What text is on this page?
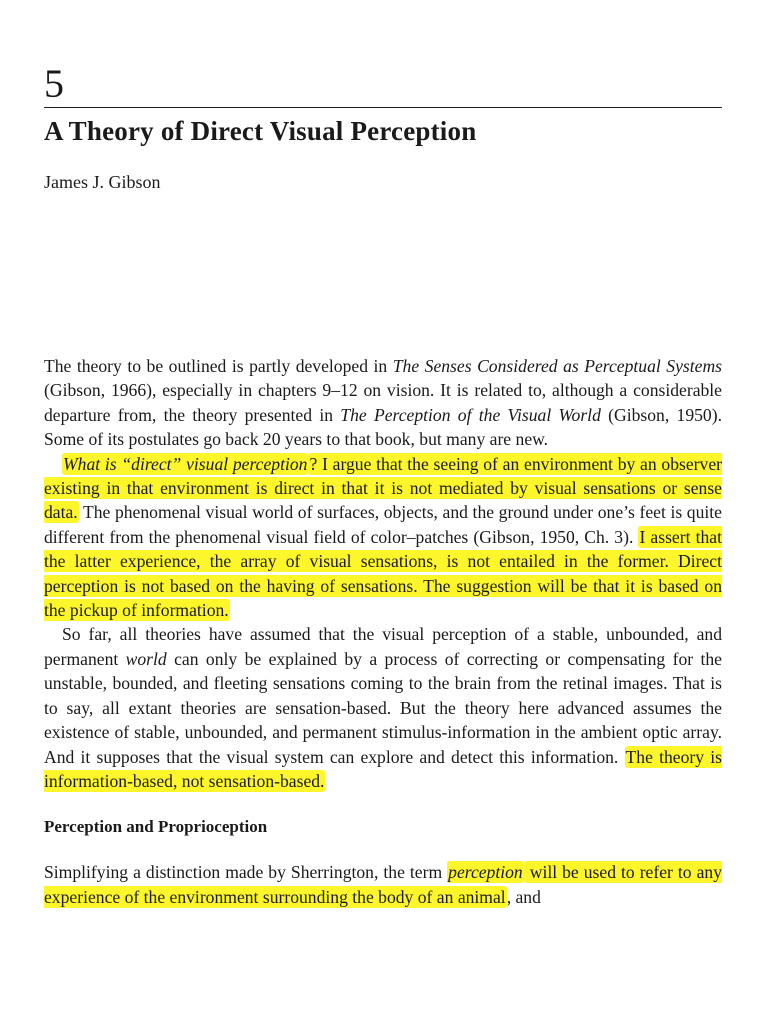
5
A Theory of Direct Visual Perception
James J. Gibson

The theory to be outlined is partly developed in The Senses Considered as Perceptual Systems (Gibson, 1966), especially in chapters 9–12 on vision. It is related to, although a considerable departure from, the theory presented in The Perception of the Visual World (Gibson, 1950). Some of its postulates go back 20 years to that book, but many are new.

What is “direct” visual perception ? I argue that the seeing of an environment by an observer existing in that environment is direct in that it is not mediated by visual sensations or sense data. The phenomenal visual world of surfaces, objects, and the ground under one’s feet is quite different from the phenomenal visual field of color–patches (Gibson, 1950, Ch. 3). I assert that the latter experience, the array of visual sensations, is not entailed in the former. Direct perception is not based on the having of sensations. The suggestion will be that it is based on the pickup of information.

So far, all theories have assumed that the visual perception of a stable, unbounded, and permanent world can only be explained by a process of correcting or compensating for the unstable, bounded, and fleeting sensations coming to the brain from the retinal images. That is to say, all extant theories are sensation-based. But the theory here advanced assumes the existence of stable, unbounded, and permanent stimulus-information in the ambient optic array. And it supposes that the visual system can explore and detect this information. The theory is information-based, not sensation-based.

Perception and Proprioception

Simplifying a distinction made by Sherrington, the term perception will be used to refer to any experience of the environment surrounding the body of an animal, and
